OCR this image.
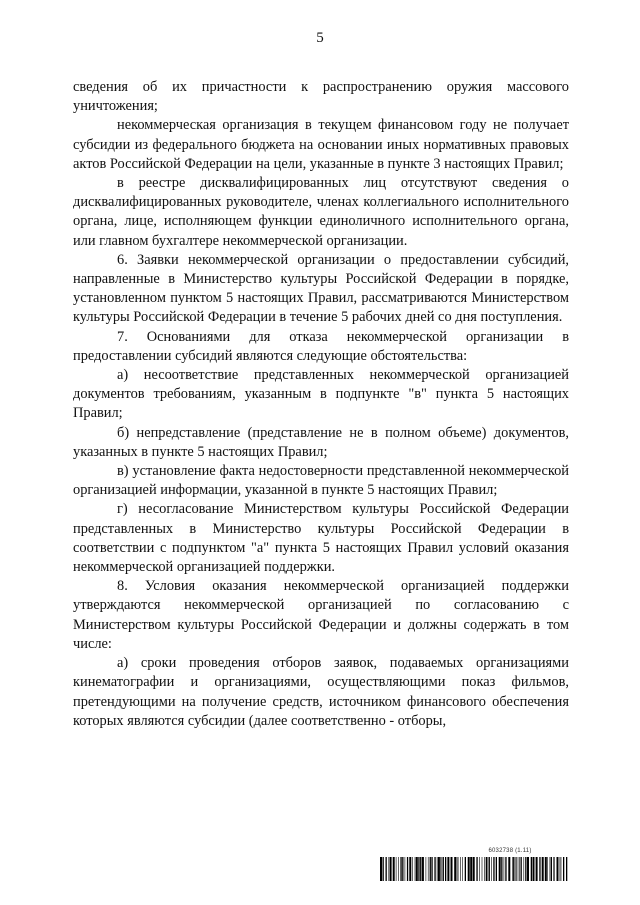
5

сведения об их причастности к распространению оружия массового уничтожения;

некоммерческая организация в текущем финансовом году не получает субсидии из федерального бюджета на основании иных нормативных правовых актов Российской Федерации на цели, указанные в пункте 3 настоящих Правил;

в реестре дисквалифицированных лиц отсутствуют сведения о дисквалифицированных руководителе, членах коллегиального исполнительного органа, лице, исполняющем функции единоличного исполнительного органа, или главном бухгалтере некоммерческой организации.

6. Заявки некоммерческой организации о предоставлении субсидий, направленные в Министерство культуры Российской Федерации в порядке, установленном пунктом 5 настоящих Правил, рассматриваются Министерством культуры Российской Федерации в течение 5 рабочих дней со дня поступления.

7. Основаниями для отказа некоммерческой организации в предоставлении субсидий являются следующие обстоятельства:

а) несоответствие представленных некоммерческой организацией документов требованиям, указанным в подпункте "в" пункта 5 настоящих Правил;

б) непредставление (представление не в полном объеме) документов, указанных в пункте 5 настоящих Правил;

в) установление факта недостоверности представленной некоммерческой организацией информации, указанной в пункте 5 настоящих Правил;

г) несогласование Министерством культуры Российской Федерации представленных в Министерство культуры Российской Федерации в соответствии с подпунктом "а" пункта 5 настоящих Правил условий оказания некоммерческой организацией поддержки.

8. Условия оказания некоммерческой организацией поддержки утверждаются некоммерческой организацией по согласованию с Министерством культуры Российской Федерации и должны содержать в том числе:

а) сроки проведения отборов заявок, подаваемых организациями кинематографии и организациями, осуществляющими показ фильмов, претендующими на получение средств, источником финансового обеспечения которых являются субсидии (далее соответственно - отборы,

6032738 (1.11)
